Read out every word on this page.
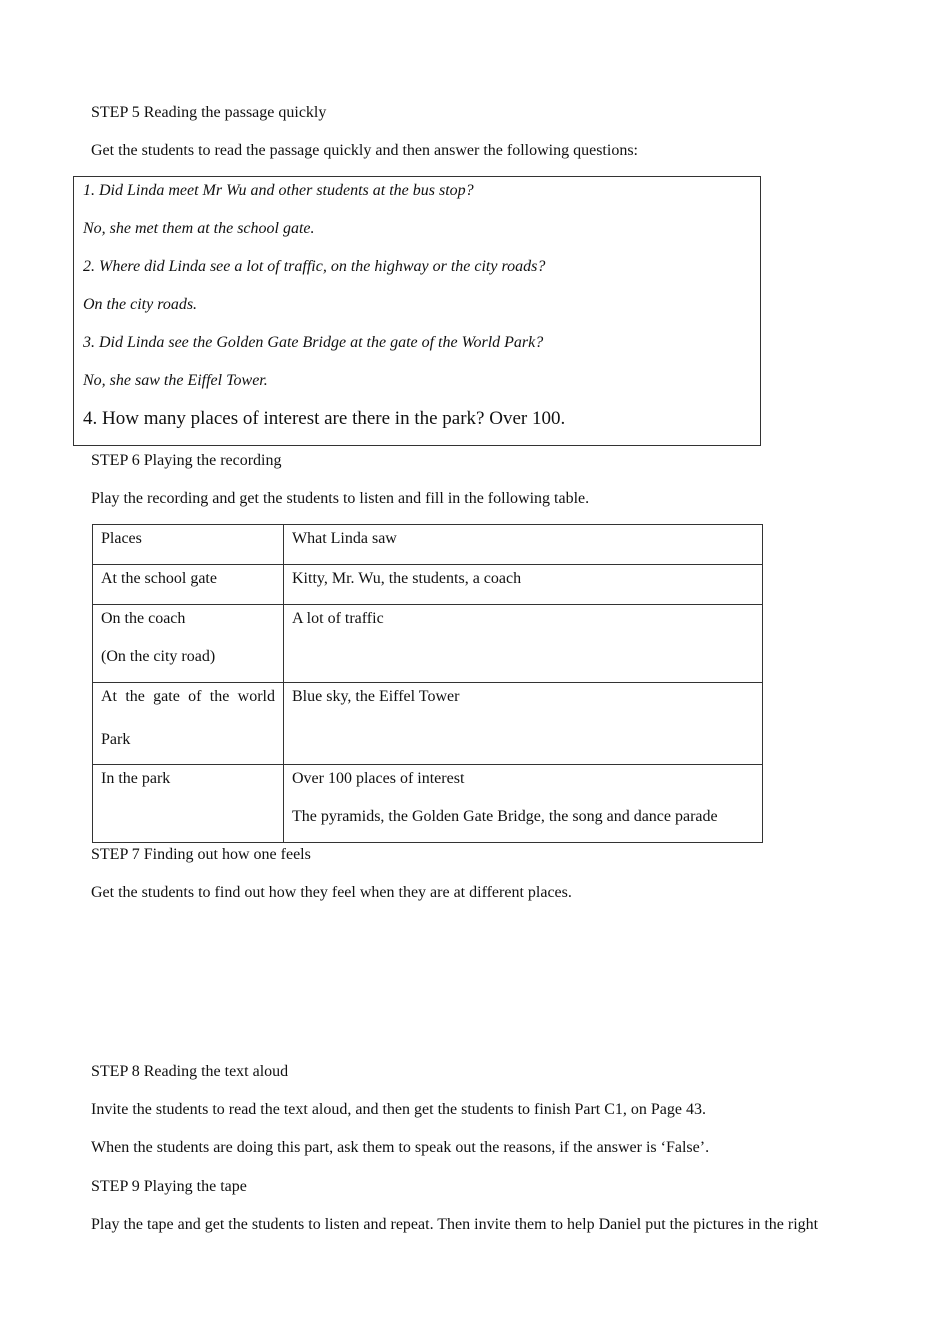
STEP 5 Reading the passage quickly
Get the students to read the passage quickly and then answer the following questions:
1. Did Linda meet Mr Wu and other students at the bus stop?
No, she met them at the school gate.
2. Where did Linda see a lot of traffic, on the highway or the city roads?
On the city roads.
3. Did Linda see the Golden Gate Bridge at the gate of the World Park?
No, she saw the Eiffel Tower.
4. How many places of interest are there in the park? Over 100.
STEP 6 Playing the recording
Play the recording and get the students to listen and fill in the following table.
Places	What Linda saw

At the school gate	Kitty, Mr. Wu, the students, a coach

On the coach
(On the city road)	A lot of traffic

At the gate of the world
Park	Blue sky, the Eiffel Tower

In the park	Over 100 places of interest
The pyramids, the Golden Gate Bridge, the song and dance parade
STEP 7 Finding out how one feels
Get the students to find out how they feel when they are at different places.
STEP 8 Reading the text aloud
Invite the students to read the text aloud, and then get the students to finish Part C1, on Page 43.
When the students are doing this part, ask them to speak out the reasons, if the answer is ‘False’.
STEP 9 Playing the tape
Play the tape and get the students to listen and repeat. Then invite them to help Daniel put the pictures in the right
